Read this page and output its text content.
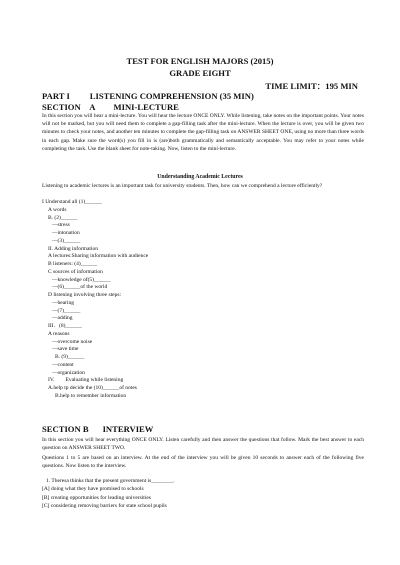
TEST FOR ENGLISH MAJORS (2015)
GRADE EIGHT
TIME LIMIT：195 MIN
PART I LISTENING COMPREHENSION (35 MIN)
SECTION　A MINI-LECTURE
In this section you will hear a mini-lecture. You will hear the lecture ONCE ONLY. While listening, take notes on the important points. Your notes will not be marked, but you will need them to complete a gap-filling task after the mini-lecture. When the lecture is over, you will be given two minutes to check your notes, and another ten minutes to complete the gap-filling task on ANSWER SHEET ONE, using no more than three words in each gap. Make sure the word(s) you fill in is (are)both grammatically and semantically acceptable. You may refer to your notes while completing the task. Use the blank sheet for note-taking. Now, listen to the mini-lecture.
Understanding Academic Lectures
Listening to academic lectures is an important task for university students. Then, how can we comprehend a lecture efficiently?
I Understand all (1)______
A words
B. (2)______
—stress
—intonation
—(3)______
II. Adding information
A lectures:Sharing information with audience
B listeners: (4)______
C sources of information
—knowledge of(5)______
—(6)______of the world
D listening involving three steps:
—hearing
—(7)______
—adding
III．(8)______
A reasons
—overcome noise
—save time
B. (9)______
—content
—organization
IV.　　Evaluating while listening
A.help tp decide the (10)______of notes
B.help to remember information
SECTION B INTERVIEW
In this section you will hear everything ONCE ONLY. Listen carefully and then answer the questions that follow. Mark the best answer to each question on ANSWER SHEET TWO.
Questions 1 to 5 are based on an interview. At the end of the interview you will be given 10 seconds to answer each of the following five questions. Now listen to the interview.
1. Theresa thinks that the present government is________.
[A] doing what they have promised to schools
[B] creating opportunities for leading universities
[C] considering removing barriers for state school pupils
